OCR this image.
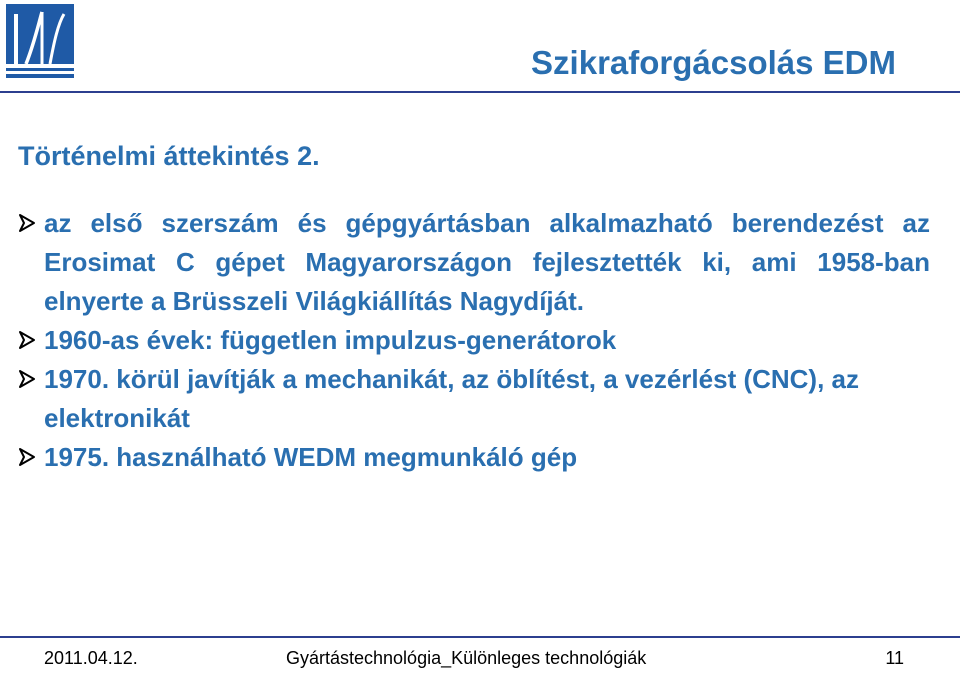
Szikraforgácsolás EDM
Történelmi áttekintés 2.

az első szerszám és gépgyártásban alkalmazható berendezést az Erosimat C gépet Magyarországon fejlesztették ki, ami 1958-ban elnyerte a Brüsszeli Világkiállítás Nagydíját.

1960-as évek: független impulzus-generátorok

1970. körül javítják a mechanikát, az öblítést, a vezérlést (CNC), az elektronikát

1975. használható WEDM megmunkáló gép

2011.04.12.	Gyártástechnológia_Különleges technológiák	11
